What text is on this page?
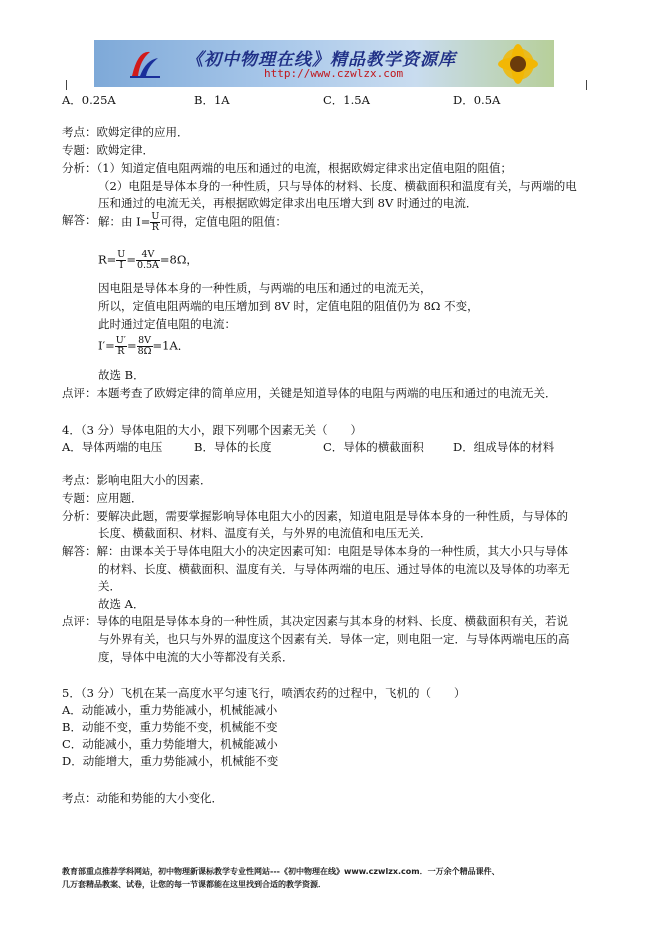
《初中物理在线》精品教学资源库
http://www.czwlzx.com
A．0.25A	B．1A	C．1.5A	D．0.5A
考点：欧姆定律的应用．
专题：欧姆定律．
分析：（1）知道定值电阻两端的电压和通过的电流，根据欧姆定律求出定值电阻的阻值；
（2）电阻是导体本身的一种性质，只与导体的材料、长度、横截面积和温度有关，与两端的电
压和通过的电流无关，再根据欧姆定律求出电压增大到 8V 时通过的电流．
解答： 解：由 $I= \frac{U}{R}$ 可得，定值电阻的阻值：
$R= \frac{U}{I} = \frac{4V}{0.5A} =8\Omega$，
因电阻是导体本身的一种性质，与两端的电压和通过的电流无关，
所以，定值电阻两端的电压增加到 8V 时，定值电阻的阻值仍为 8Ω 不变，
此时通过定值电阻的电流：
$I'= \frac{U'}{R} = \frac{8V}{8\Omega} =1A$．
故选 B．
点评：本题考查了欧姆定律的简单应用，关键是知道导体的电阻与两端的电压和通过的电流无关．
4．（3 分）导体电阻的大小，跟下列哪个因素无关（　　）
A．导体两端的电压	B．导体的长度	C．导体的横截面积	D．组成导体的材料
考点：影响电阻大小的因素．
专题：应用题．
分析：要解决此题，需要掌握影响导体电阻大小的因素，知道电阻是导体本身的一种性质，与导体的
长度、横截面积、材料、温度有关，与外界的电流值和电压无关．
解答：解：由课本关于导体电阻大小的决定因素可知：电阻是导体本身的一种性质，其大小只与导体
的材料、长度、横截面积、温度有关．与导体两端的电压、通过导体的电流以及导体的功率无
关．
故选 A．
点评：导体的电阻是导体本身的一种性质，其决定因素与其本身的材料、长度、横截面积有关，若说
与外界有关，也只与外界的温度这个因素有关．导体一定，则电阻一定．与导体两端电压的高
度，导体中电流的大小等都没有关系．
5．（3 分）飞机在某一高度水平匀速飞行，喷洒农药的过程中，飞机的（　　）
A．动能减小，重力势能减小，机械能减小
B．动能不变，重力势能不变，机械能不变
C．动能减小，重力势能增大，机械能减小
D．动能增大，重力势能减小，机械能不变
考点：动能和势能的大小变化．
教育部重点推荐学科网站，初中物理新课标教学专业性网站---《初中物理在线》www.czwlzx.com．一万余个精品课件、
几万套精品教案、试卷，让您的每一节课都能在这里找到合适的教学资源．
